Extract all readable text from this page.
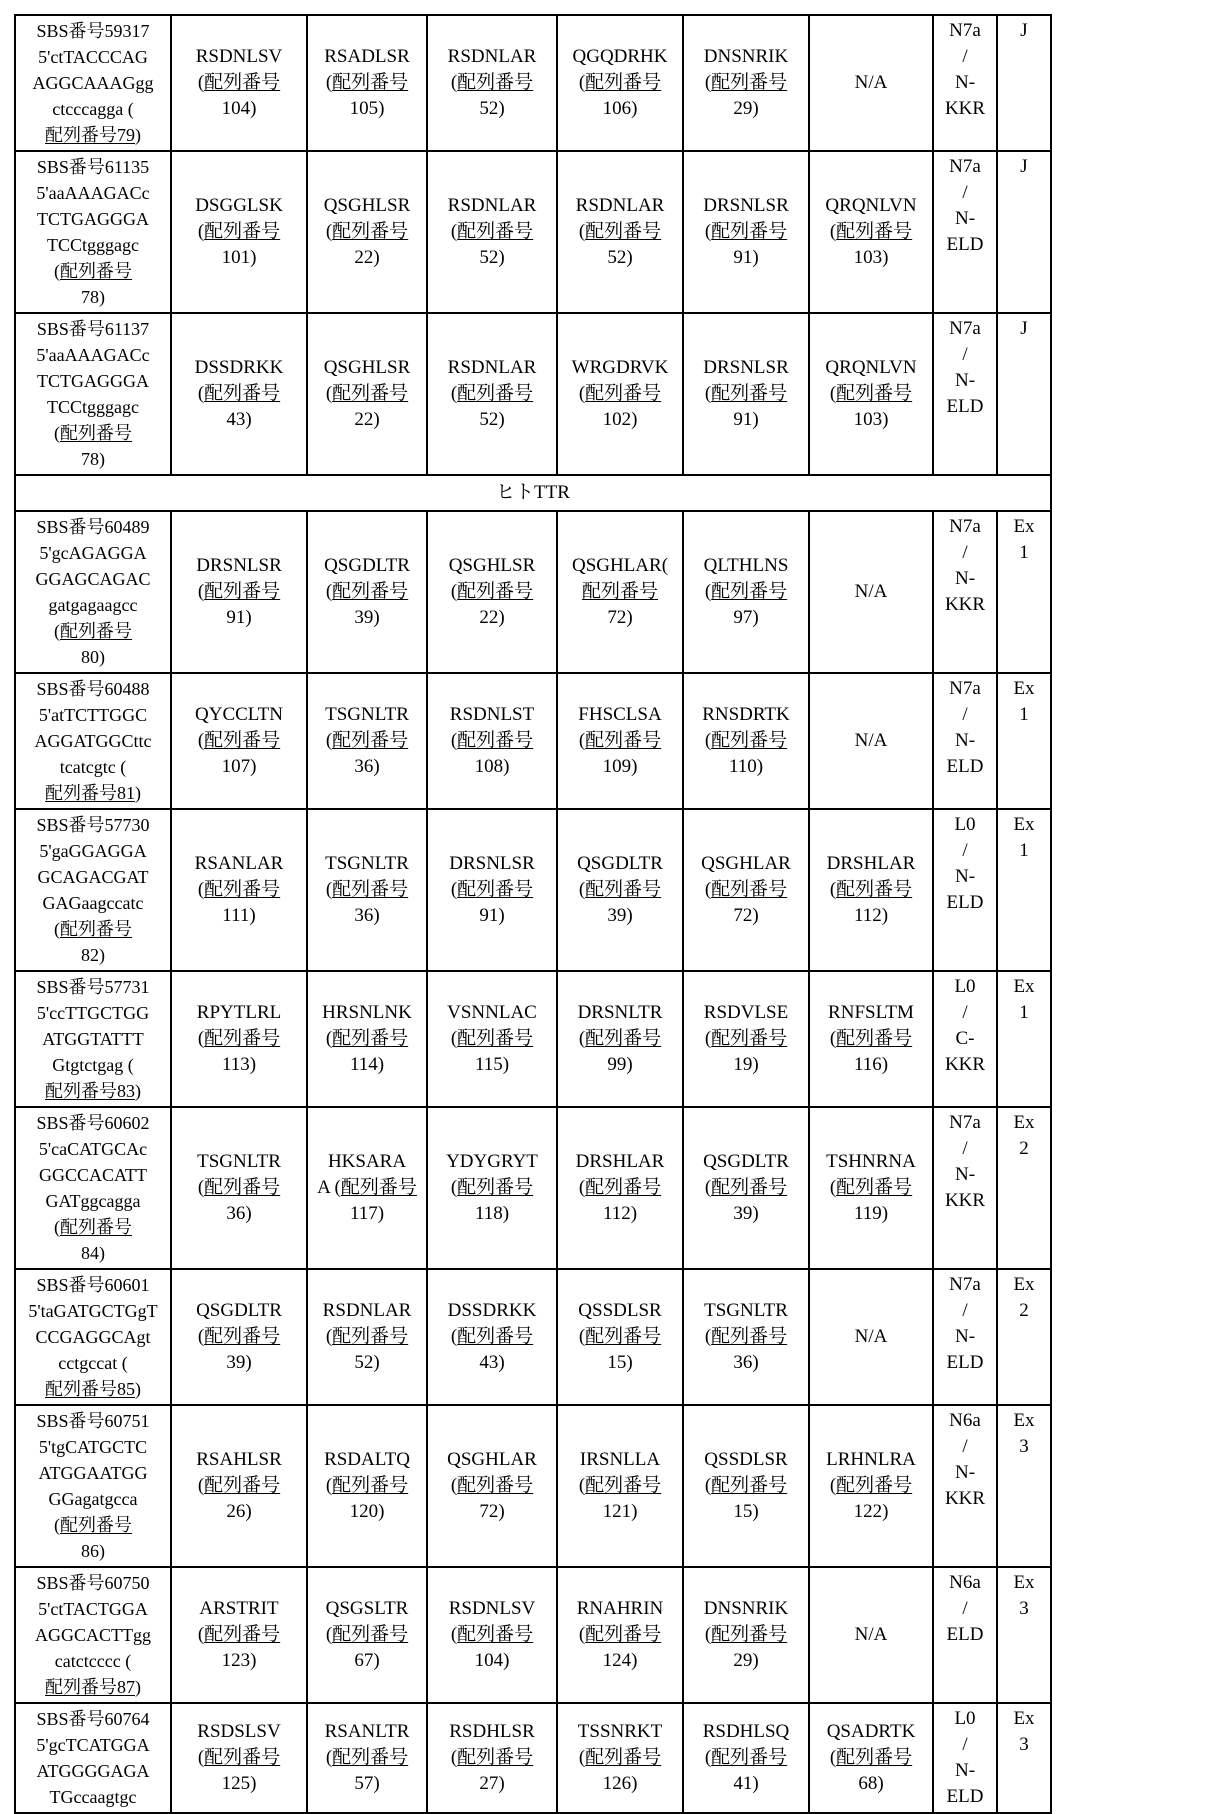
SBS番号59317
5'ctTACCCAG
AGGCAAAGgg
ctcccagga (
配列番号79)	RSDNLSV
(配列番号
104)	RSADLSR
(配列番号
105)	RSDNLAR
(配列番号
52)	QGQDRHK
(配列番号
106)	DNSNRIK
(配列番号
29)	N/A	N7a
/
N-
KKR	J
SBS番号61135
5'aaAAAGACc
TCTGAGGGA
TCCtgggagc
(配列番号
78)	DSGGLSK
(配列番号
101)	QSGHLSR
(配列番号
22)	RSDNLAR
(配列番号
52)	RSDNLAR
(配列番号
52)	DRSNLSR
(配列番号
91)	QRQNLVN
(配列番号
103)	N7a
/
N-
ELD	J
SBS番号61137
5'aaAAAGACc
TCTGAGGGA
TCCtgggagc
(配列番号
78)	DSSDRKK
(配列番号
43)	QSGHLSR
(配列番号
22)	RSDNLAR
(配列番号
52)	WRGDRVK
(配列番号
102)	DRSNLSR
(配列番号
91)	QRQNLVN
(配列番号
103)	N7a
/
N-
ELD	J
ヒトTTR								
SBS番号60489
5'gcAGAGGA
GGAGCAGAC
gatgagaagcc
(配列番号
80)	DRSNLSR
(配列番号
91)	QSGDLTR
(配列番号
39)	QSGHLSR
(配列番号
22)	QSGHLAR(
配列番号
72)	QLTHLNS
(配列番号
97)	N/A	N7a
/
N-
KKR	Ex
1
SBS番号60488
5'atTCTTGGC
AGGATGGCttc
tcatcgtc (
配列番号81)	QYCCLTN
(配列番号
107)	TSGNLTR
(配列番号
36)	RSDNLST
(配列番号
108)	FHSCLSA
(配列番号
109)	RNSDRTK
(配列番号
110)	N/A	N7a
/
N-
ELD	Ex
1
SBS番号57730
5'gaGGAGGA
GCAGACGAT
GAGaagccatc
(配列番号
82)	RSANLAR
(配列番号
111)	TSGNLTR
(配列番号
36)	DRSNLSR
(配列番号
91)	QSGDLTR
(配列番号
39)	QSGHLAR
(配列番号
72)	DRSHLAR
(配列番号
112)	L0
/
N-
ELD	Ex
1
SBS番号57731
5'ccTTGCTGG
ATGGTATTT
Gtgtctgag (
配列番号83)	RPYTLRL
(配列番号
113)	HRSNLNK
(配列番号
114)	VSNNLAC
(配列番号
115)	DRSNLTR
(配列番号
99)	RSDVLSE
(配列番号
19)	RNFSLTM
(配列番号
116)	L0
/
C-
KKR	Ex
1
SBS番号60602
5'caCATGCAc
GGCCACATT
GATggcagga
(配列番号
84)	TSGNLTR
(配列番号
36)	HKSARA
A (配列番号
117)	YDYGRYT
(配列番号
118)	DRSHLAR
(配列番号
112)	QSGDLTR
(配列番号
39)	TSHNRNA
(配列番号
119)	N7a
/
N-
KKR	Ex
2
SBS番号60601
5'taGATGCTGgT
CCGAGGCAgt
cctgccat (
配列番号85)	QSGDLTR
(配列番号
39)	RSDNLAR
(配列番号
52)	DSSDRKK
(配列番号
43)	QSSDLSR
(配列番号
15)	TSGNLTR
(配列番号
36)	N/A	N7a
/
N-
ELD	Ex
2
SBS番号60751
5'tgCATGCTC
ATGGAATGG
GGagatgcca
(配列番号
86)	RSAHLSR
(配列番号
26)	RSDALTQ
(配列番号
120)	QSGHLAR
(配列番号
72)	IRSNLLA
(配列番号
121)	QSSDLSR
(配列番号
15)	LRHNLRA
(配列番号
122)	N6a
/
N-
KKR	Ex
3
SBS番号60750
5'ctTACTGGA
AGGCACTTgg
catctcccc (
配列番号87)	ARSTRIT
(配列番号
123)	QSGSLTR
(配列番号
67)	RSDNLSV
(配列番号
104)	RNAHRIN
(配列番号
124)	DNSNRIK
(配列番号
29)	N/A	N6a
/
ELD	Ex
3
SBS番号60764
5'gcTCATGGA
ATGGGGAGA
TGccaagtgc	RSDSLSV
(配列番号
125)	RSANLTR
(配列番号
57)	RSDHLSR
(配列番号
27)	TSSNRKT
(配列番号
126)	RSDHLSQ
(配列番号
41)	QSADRTK
(配列番号
68)	L0
/
N-
ELD	Ex
3
